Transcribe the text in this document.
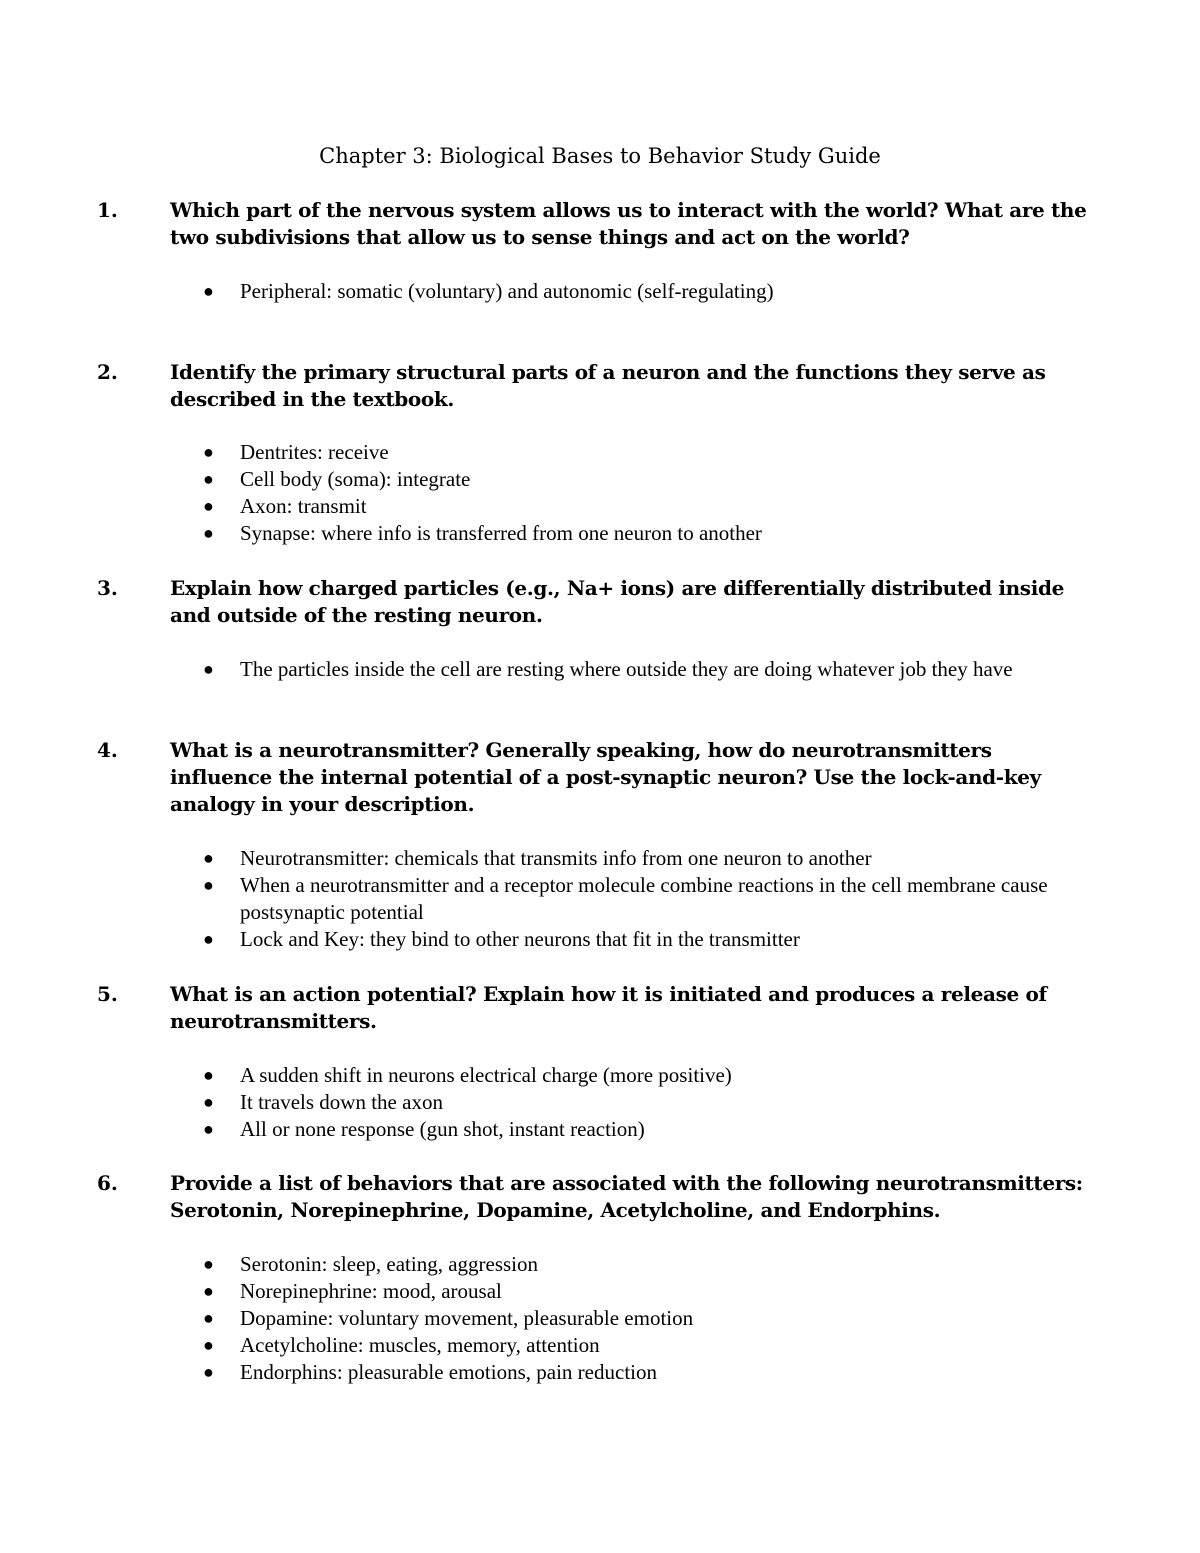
Chapter 3: Biological Bases to Behavior Study Guide
1.	Which part of the nervous system allows us to interact with the world? What are the two subdivisions that allow us to sense things and act on the world?
● Peripheral: somatic (voluntary) and autonomic (self-regulating)
2.	Identify the primary structural parts of a neuron and the functions they serve as described in the textbook.
● Dentrites: receive
● Cell body (soma): integrate
● Axon: transmit
● Synapse: where info is transferred from one neuron to another
3.	Explain how charged particles (e.g., Na+ ions) are differentially distributed inside and outside of the resting neuron.
● The particles inside the cell are resting where outside they are doing whatever job they have
4.	What is a neurotransmitter? Generally speaking, how do neurotransmitters influence the internal potential of a post-synaptic neuron? Use the lock-and-key analogy in your description.
● Neurotransmitter: chemicals that transmits info from one neuron to another
● When a neurotransmitter and a receptor molecule combine reactions in the cell membrane cause postsynaptic potential
● Lock and Key: they bind to other neurons that fit in the transmitter
5.	What is an action potential? Explain how it is initiated and produces a release of neurotransmitters.
● A sudden shift in neurons electrical charge (more positive)
● It travels down the axon
● All or none response (gun shot, instant reaction)
6.	Provide a list of behaviors that are associated with the following neurotransmitters: Serotonin, Norepinephrine, Dopamine, Acetylcholine, and Endorphins.
● Serotonin: sleep, eating, aggression
● Norepinephrine: mood, arousal
● Dopamine: voluntary movement, pleasurable emotion
● Acetylcholine: muscles, memory, attention
● Endorphins: pleasurable emotions, pain reduction
